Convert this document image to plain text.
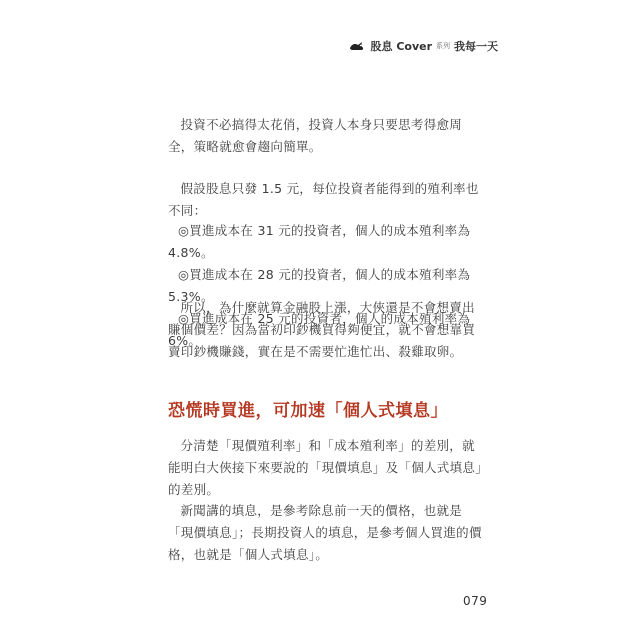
股息 Cover 系列 我每一天

投資不必搞得太花俏，投資人本身只要思考得愈周全，策略就愈會趨向簡單。

假設股息只發 1.5 元，每位投資者能得到的殖利率也不同：

◎買進成本在 31 元的投資者，個人的成本殖利率為 4.8%。
◎買進成本在 28 元的投資者，個人的成本殖利率為 5.3%。
◎買進成本在 25 元的投資者，個人的成本殖利率為 6%。

所以，為什麼就算金融股上漲，大俠還是不會想賣出賺個價差？因為當初印鈔機買得夠便宜，就不會想靠買賣印鈔機賺錢，實在是不需要忙進忙出、殺雞取卵。

恐慌時買進，可加速「個人式填息」

分清楚「現價殖利率」和「成本殖利率」的差別，就能明白大俠接下來要說的「現價填息」及「個人式填息」的差別。

新聞講的填息，是參考除息前一天的價格，也就是「現價填息」；長期投資人的填息，是參考個人買進的價格，也就是「個人式填息」。

079
